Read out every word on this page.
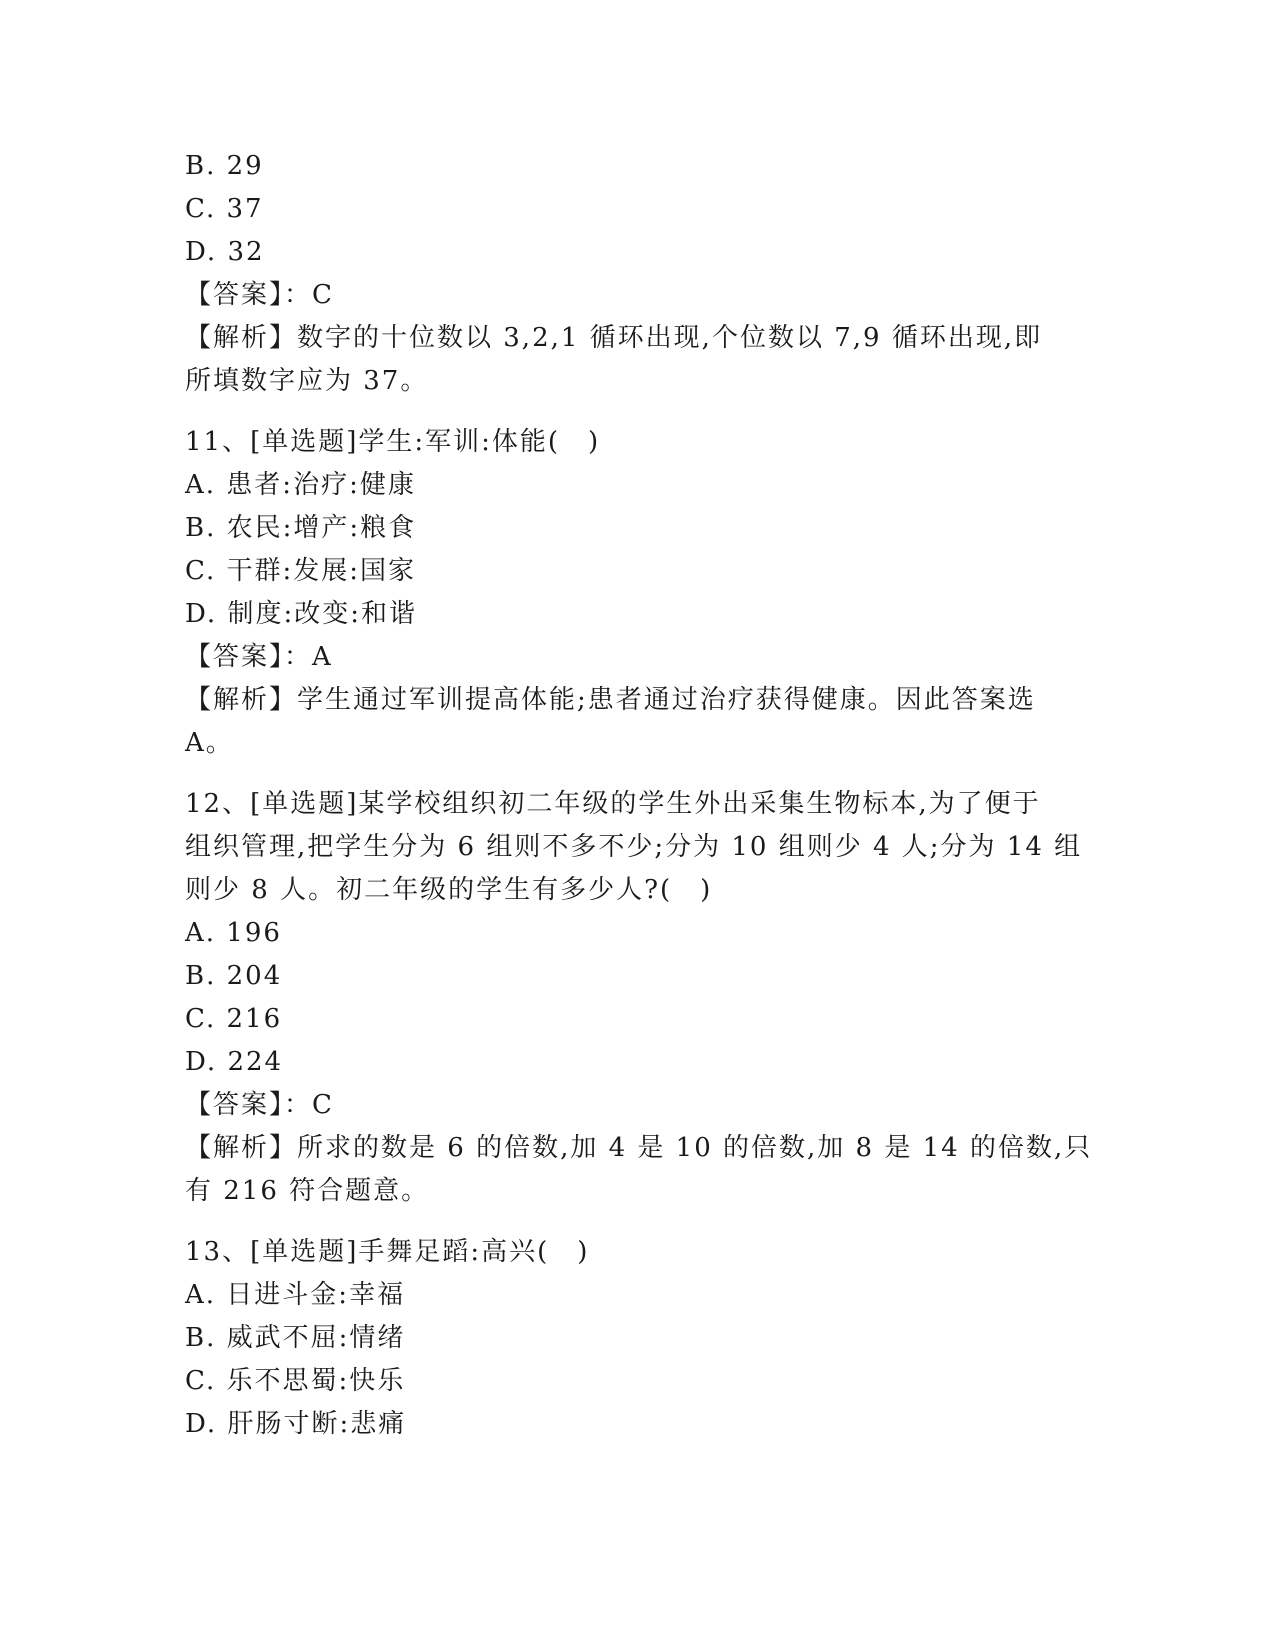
B. 29
C. 37
D. 32
【答案】：C
【解析】数字的十位数以 3,2,1 循环出现,个位数以 7,9 循环出现,即
所填数字应为 37。
11、[单选题]学生:军训:体能(　)
A. 患者:治疗:健康
B. 农民:增产:粮食
C. 干群:发展:国家
D. 制度:改变:和谐
【答案】：A
【解析】学生通过军训提高体能;患者通过治疗获得健康。因此答案选
A。
12、[单选题]某学校组织初二年级的学生外出采集生物标本,为了便于
组织管理,把学生分为 6 组则不多不少;分为 10 组则少 4 人;分为 14 组
则少 8 人。初二年级的学生有多少人?(　)
A. 196
B. 204
C. 216
D. 224
【答案】：C
【解析】所求的数是 6 的倍数,加 4 是 10 的倍数,加 8 是 14 的倍数,只
有 216 符合题意。
13、[单选题]手舞足蹈:高兴(　)
A. 日进斗金:幸福
B. 威武不屈:情绪
C. 乐不思蜀:快乐
D. 肝肠寸断:悲痛
